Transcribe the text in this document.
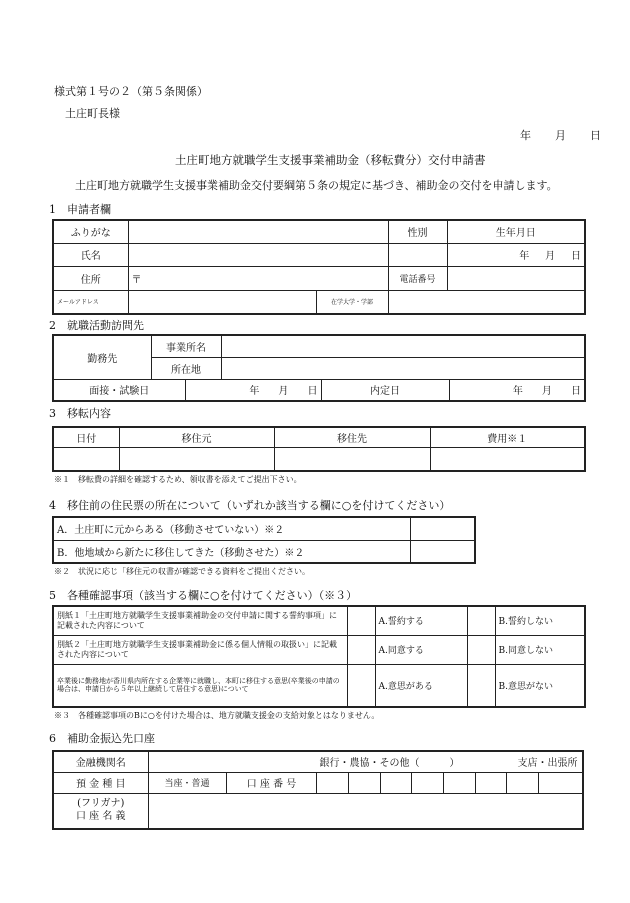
様式第１号の２（第５条関係）
土庄町長様
年 月 日
土庄町地方就職学生支援事業補助金（移転費分）交付申請書
土庄町地方就職学生支援事業補助金交付要綱第５条の規定に基づき、補助金の交付を申請します。
1　申請者欄
ふりがな			性別	生年月日
氏名				年 月 日
住所	〒		電話番号	
メールアドレス		在学大学・学部		
2　就職活動訪問先
勤務先	事業所名				
	所在地				
面接・試験日		年 月 日		内定日	年 月 日
3　移転内容
日付	移住元	移住先	費用※１

※１　移転費の詳細を確認するため、領収書を添えてご提出下さい。
4　移住前の住民票の所在について（いずれか該当する欄に○を付けてください）
A．土庄町に元からある（移動させていない）※２	
B．他地域から新たに移住してきた（移動させた）※２	
※２　状況に応じ「移住元の収書が確認できる資料をご提出ください。
5　各種確認事項（該当する欄に○を付けてください）（※３）
別紙１「土庄町地方就職学生支援事業補助金の交付申請に関する誓約事項」に記載された内容について		A.誓約する		B.誓約しない
別紙２「土庄町地方就職学生支援事業補助金に係る個人情報の取扱い」に記載された内容について		A.同意する		B.同意しない
卒業後に勤務地が香川県内所在する企業等に就職し、本町に移住する意思(卒業後の申請の場合は、申請日から５年以上継続して居住する意思)について		A.意思がある		B.意思がない
※３　各種確認事項のBに○を付けた場合は、地方就職支援金の支給対象とはなりません。
6　補助金振込先口座
金融機関名	銀行・農協・その他（　　　） 支店・出張所									
預 金 種 目	当座・普通	口 座 番 号								
(フリガナ)
口 座 名 義										
